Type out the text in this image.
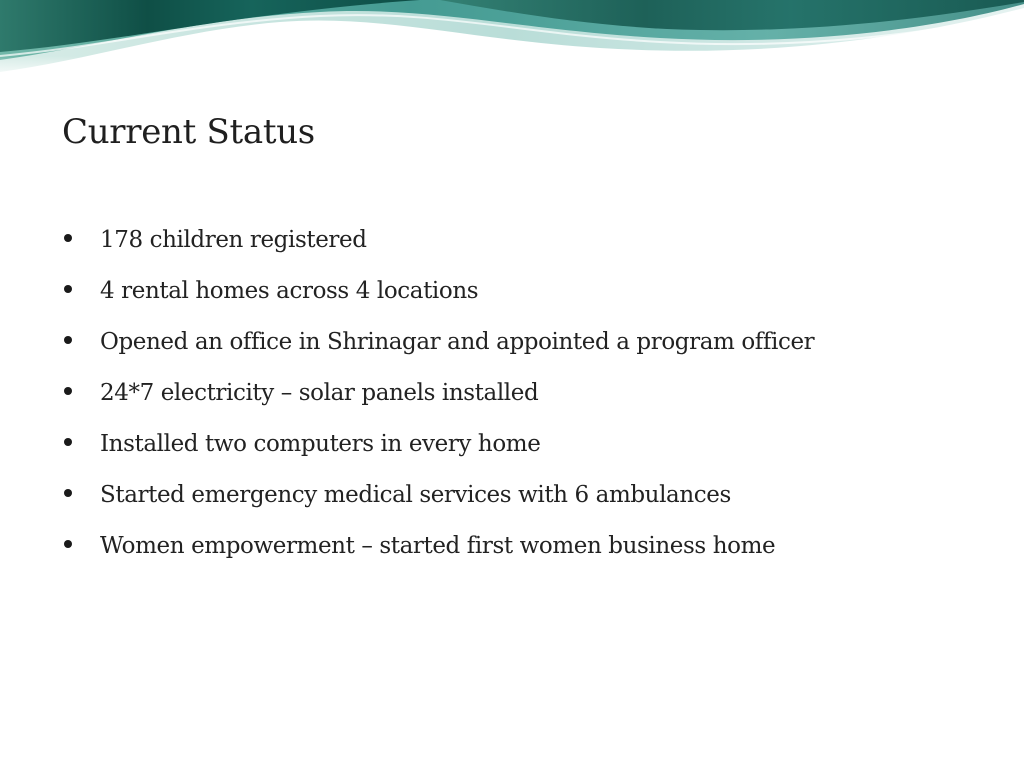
Current Status
178 children registered
4 rental homes across 4 locations
Opened an office in Shrinagar and appointed a program officer
24*7 electricity – solar panels installed
Installed two computers in every home
Started emergency medical services with 6 ambulances
Women empowerment – started first women business home
